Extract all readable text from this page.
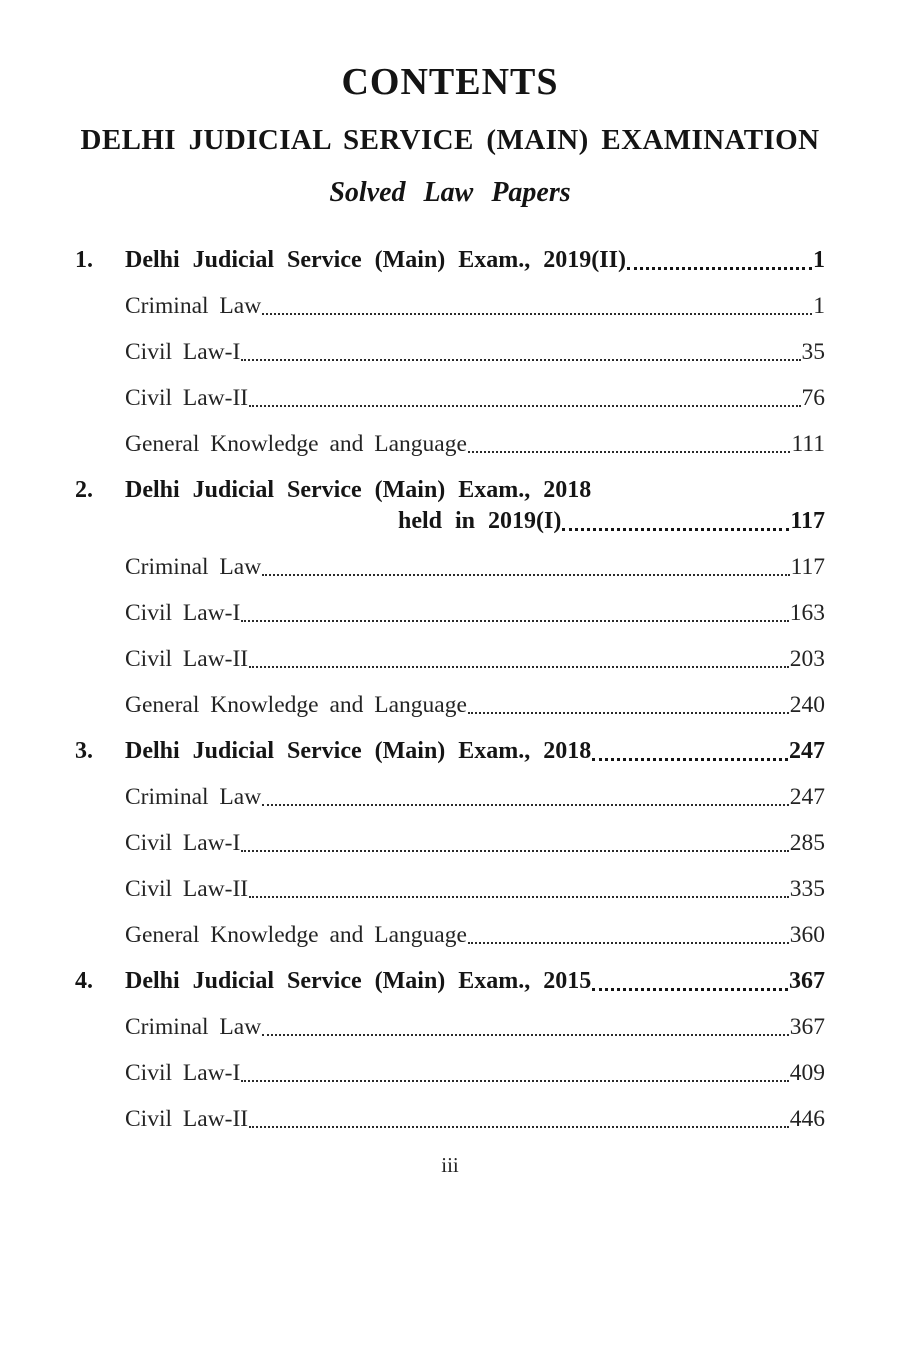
CONTENTS
DELHI JUDICIAL SERVICE (MAIN) EXAMINATION
Solved Law Papers
1.	Delhi Judicial Service (Main) Exam., 2019(II)	1
Criminal Law	1
Civil Law-I	35
Civil Law-II	76
General Knowledge and Language	111
2.	Delhi Judicial Service (Main) Exam., 2018
held in 2019(I)	117
Criminal Law	117
Civil Law-I	163
Civil Law-II	203
General Knowledge and Language	240
3.	Delhi Judicial Service (Main) Exam., 2018	247
Criminal Law	247
Civil Law-I	285
Civil Law-II	335
General Knowledge and Language	360
4.	Delhi Judicial Service (Main) Exam., 2015	367
Criminal Law	367
Civil Law-I	409
Civil Law-II	446
iii
